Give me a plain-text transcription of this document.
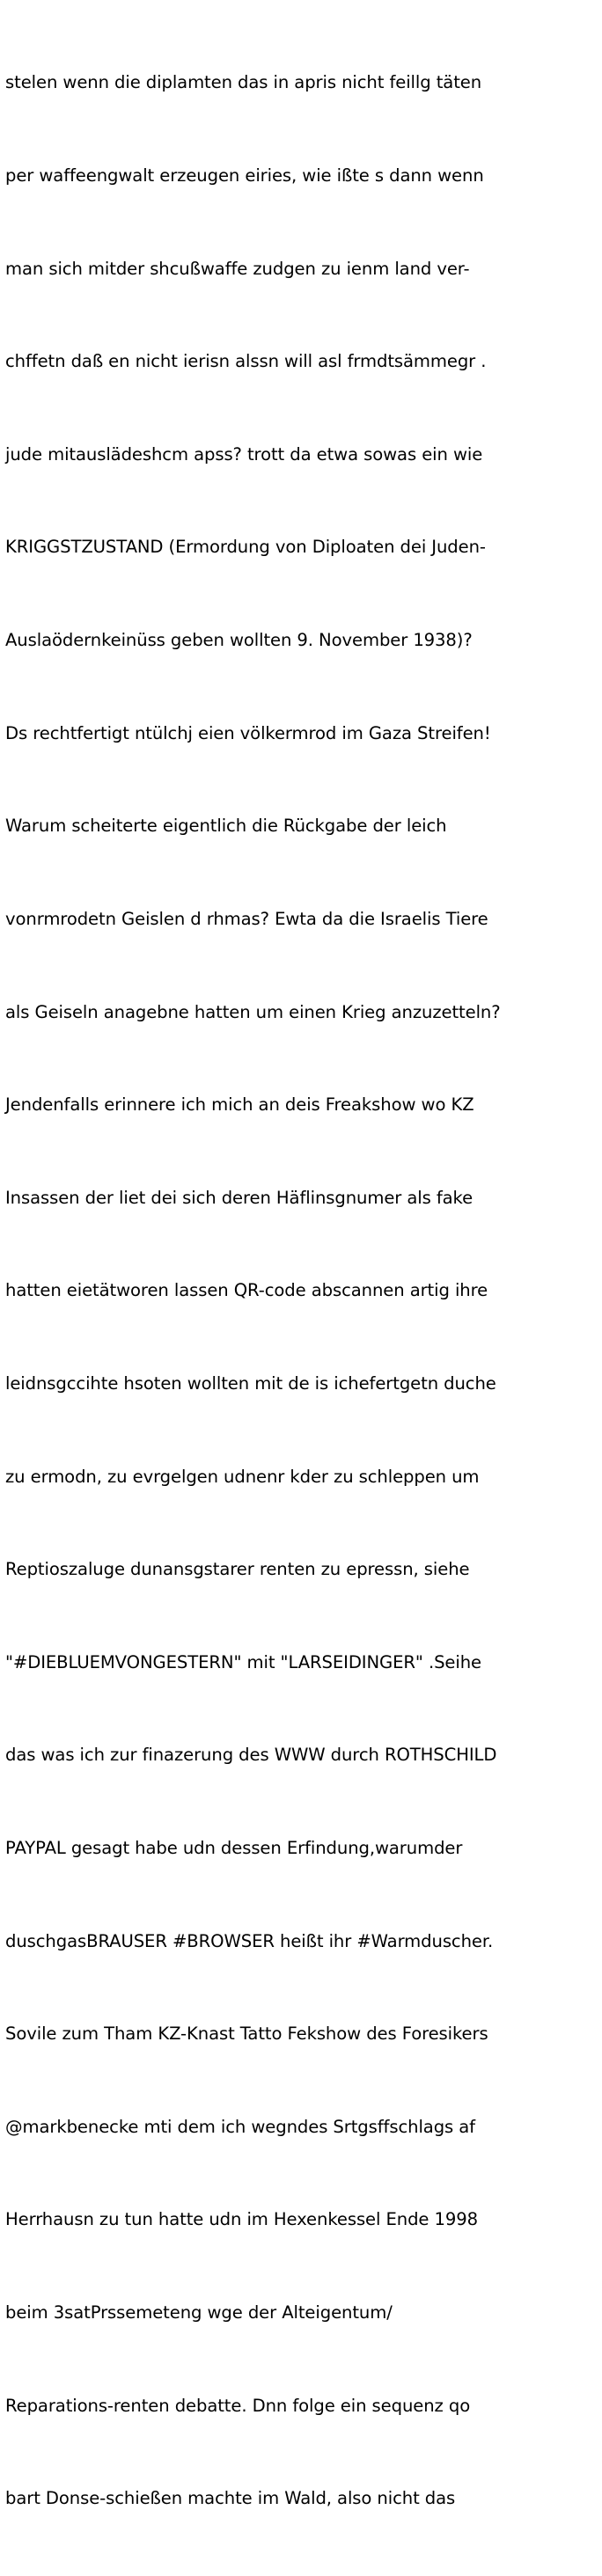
stelen wenn die diplamten das in apris nicht feillg täten

per waffeengwalt erzeugen eiries, wie ißte s dann wenn

man sich mitder shcußwaffe zudgen zu ienm land ver-

chffetn daß en nicht ierisn alssn will asl frmdtsämmegr .

jude mitauslädeshcm apss? trott da etwa sowas ein wie

KRIGGSTZUSTAND (Ermordung von Diploaten dei Juden-

Auslaödernkeinüss geben wollten 9. November 1938)?

Ds rechtfertigt ntülchj eien völkermrod im Gaza Streifen!

Warum scheiterte eigentlich die Rückgabe der leich

vonrmrodetn Geislen d rhmas? Ewta da die Israelis Tiere

als Geiseln anagebne hatten um einen Krieg anzuzetteln?

Jendenfalls erinnere ich mich an deis Freakshow wo KZ

Insassen der liet dei sich deren Häflinsgnumer als fake

hatten eietätworen lassen QR-code abscannen artig ihre

leidnsgccihte hsoten wollten mit de is ichefertgetn duche

zu ermodn, zu evrgelgen udnenr kder zu schleppen um

Reptioszaluge dunansgstarer renten zu epressn, siehe

"#DIEBLUEMVONGESTERN" mit "LARSEIDINGER" .Seihe

das was ich zur finazerung des WWW durch ROTHSCHILD

PAYPAL gesagt habe udn dessen Erfindung,warumder

duschgasBRAUSER #BROWSER heißt ihr #Warmduscher.

Sovile zum Tham KZ-Knast Tatto Fekshow des Foresikers

@markbenecke mti dem ich wegndes Srtgsffschlags af

Herrhausn zu tun hatte udn im Hexenkessel Ende 1998

beim 3satPrssemeteng wge der Alteigentum/

Reparations-renten debatte. Dnn folge ein sequenz qo

bart Donse-schießen machte im Wald, also nicht das
